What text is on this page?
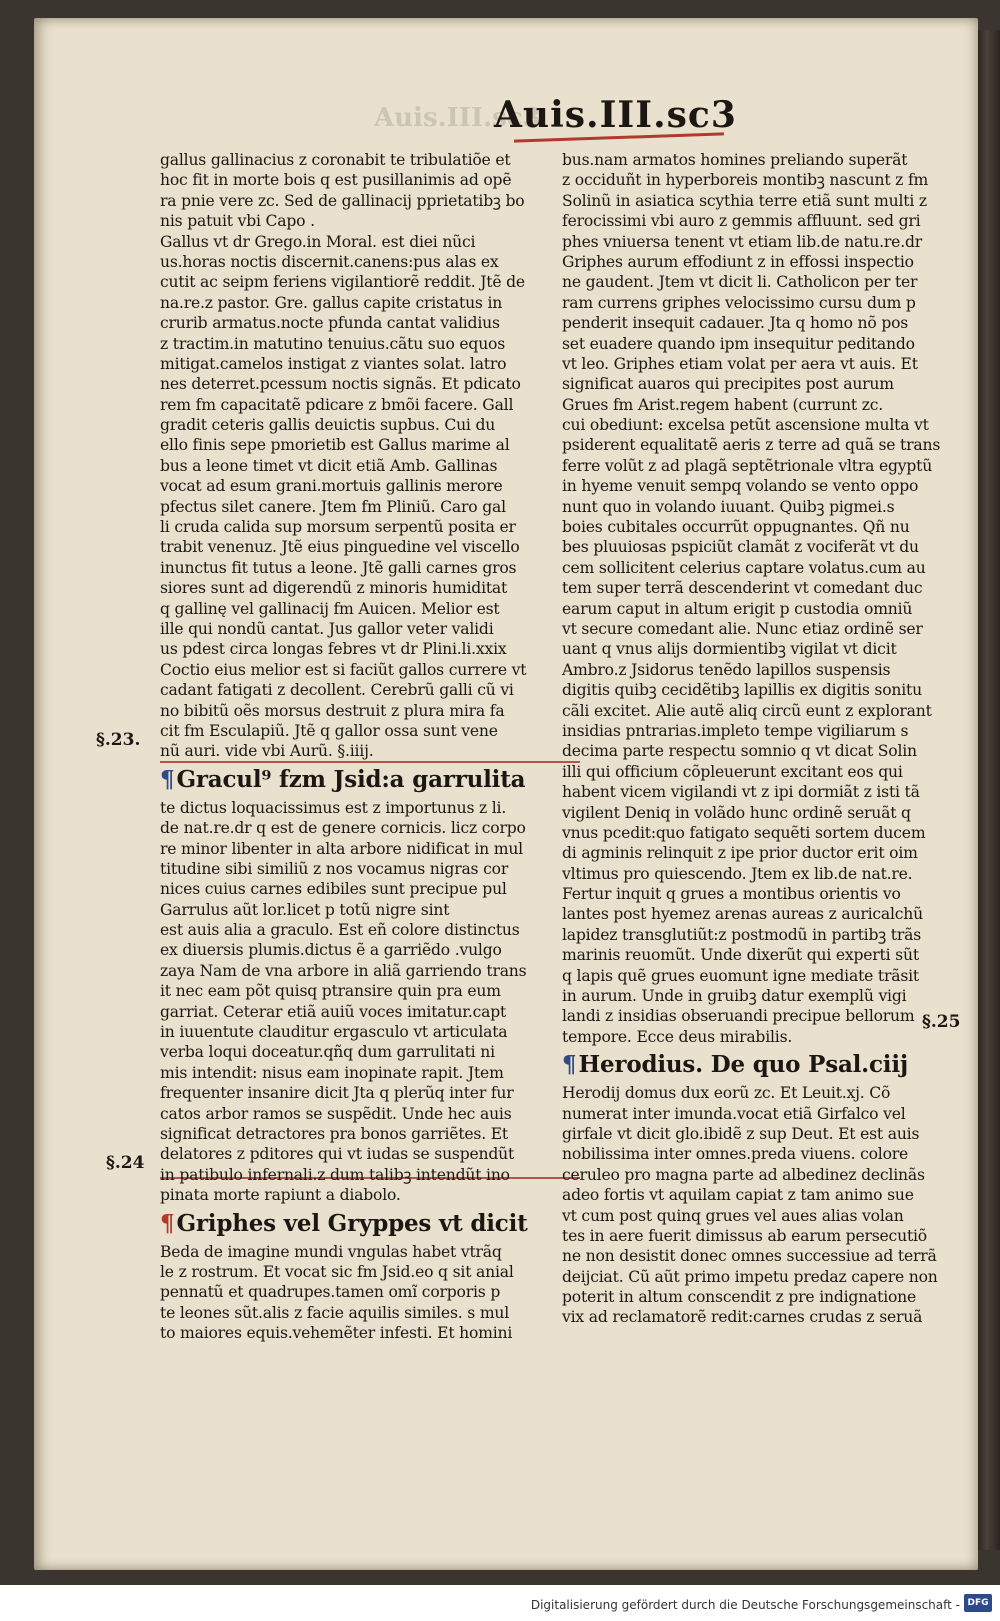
Auis.III.sc3
Auis.III.sc3
§.23.
§.24
§.25
gallus gallinacius z coronabit te tribulatiõe et
hoc fit in morte bois q est pusillanimis ad opẽ
ra pnie vere zc. Sed de gallinacij pprietatibꝫ bo
nis patuit vbi Capo .
Gallus vt dr Grego.in Moral. est diei nũci
us.horas noctis discernit.canens:pus alas ex
cutit ac seipm feriens vigilantiorẽ reddit. Jtẽ de
na.re.z pastor. Gre. gallus capite cristatus in
crurib armatus.nocte pfunda cantat validius
z tractim.in matutino tenuius.cãtu suo equos
mitigat.camelos instigat z viantes solat. latro
nes deterret.pcessum noctis signãs. Et pdicato
rem fm capacitatẽ pdicare z bmõi facere. Gall
gradit ceteris gallis deuictis supbus. Cui du
ello finis sepe pmorietib est Gallus marime al
bus a leone timet vt dicit etiã Amb. Gallinas
vocat ad esum grani.mortuis gallinis merore
pfectus silet canere. Jtem fm Pliniũ. Caro gal
li cruda calida sup morsum serpentũ posita er
trabit venenuz. Jtẽ eius pinguedine vel viscello
inunctus fit tutus a leone. Jtẽ galli carnes gros
siores sunt ad digerendũ z minoris humiditat
q gallinę vel gallinacij fm Auicen. Melior est
ille qui nondũ cantat. Jus gallor veter validi
us pdest circa longas febres vt dr Plini.li.xxix
Coctio eius melior est si faciũt gallos currere vt
cadant fatigati z decollent. Cerebrũ galli cũ vi
no bibitũ oẽs morsus destruit z plura mira fa
cit fm Esculapiũ. Jtẽ q gallor ossa sunt vene
nũ auri. vide vbi Aurũ. §.iiij.
¶Gracul⁹ fzm Jsid:a garrulita
te dictus loquacissimus est z importunus z li.
de nat.re.dr q est de genere cornicis. licz corpo
re minor libenter in alta arbore nidificat in mul
titudine sibi similiũ z nos vocamus nigras cor
nices cuius carnes edibiles sunt precipue pul
Garrulus aũt lor.licet p totũ nigre sint
est auis alia a graculo. Est eñ colore distinctus
ex diuersis plumis.dictus ẽ a garriẽdo .vulgo
zaya Nam de vna arbore in aliã garriendo trans
it nec eam põt quisq ptransire quin pra eum
garriat. Ceterar etiã auiũ voces imitatur.capt
in iuuentute clauditur ergasculo vt articulata
verba loqui doceatur.qñq dum garrulitati ni
mis intendit: nisus eam inopinate rapit. Jtem
frequenter insanire dicit Jta q plerũq inter fur
catos arbor ramos se suspẽdit. Unde hec auis
significat detractores pra bonos garriẽtes. Et
delatores z pditores qui vt iudas se suspendũt
in patibulo infernali.z dum talibꝫ intendũt ino
pinata morte rapiunt a diabolo.
¶Griphes vel Gryppes vt dicit
Beda de imagine mundi vngulas habet vtrãq
le z rostrum. Et vocat sic fm Jsid.eo q sit anial
pennatũ et quadrupes.tamen omĩ corporis p
te leones sũt.alis z facie aquilis similes. s mul
to maiores equis.vehemẽter infesti. Et homini
bus.nam armatos homines preliando superãt
z occiduñt in hyperboreis montibꝫ nascunt z fm
Solinũ in asiatica scythia terre etiã sunt multi z
ferocissimi vbi auro z gemmis affluunt. sed gri
phes vniuersa tenent vt etiam lib.de natu.re.dr
Griphes aurum effodiunt z in effossi inspectio
ne gaudent. Jtem vt dicit li. Catholicon per ter
ram currens griphes velocissimo cursu dum p
penderit insequit cadauer. Jta q homo nõ pos
set euadere quando ipm insequitur peditando
vt leo. Griphes etiam volat per aera vt auis. Et
significat auaros qui precipites post aurum
Grues fm Arist.regem habent (currunt zc.
cui obediunt: excelsa petũt ascensione multa vt
psiderent equalitatẽ aeris z terre ad quã se trans
ferre volũt z ad plagã septẽtrionale vltra egyptũ
in hyeme venuit sempq volando se vento oppo
nunt quo in volando iuuant. Quibꝫ pigmei.s
boies cubitales occurrũt oppugnantes. Qñ nu
bes pluuiosas pspiciũt clamãt z vociferãt vt du
cem sollicitent celerius captare volatus.cum au
tem super terrã descenderint vt comedant duc
earum caput in altum erigit p custodia omniũ
vt secure comedant alie. Nunc etiaz ordinẽ ser
uant q vnus alijs dormientibꝫ vigilat vt dicit
Ambro.z Jsidorus tenẽdo lapillos suspensis
digitis quibꝫ cecidẽtibꝫ lapillis ex digitis sonitu
cãli excitet. Alie autẽ aliq circũ eunt z explorant
insidias pntrarias.impleto tempe vigiliarum s
decima parte respectu somnio q vt dicat Solin
illi qui officium cõpleuerunt excitant eos qui
habent vicem vigilandi vt z ipi dormiãt z isti tã
vigilent Deniq in volãdo hunc ordinẽ seruãt q
vnus pcedit:quo fatigato sequẽti sortem ducem
di agminis relinquit z ipe prior ductor erit oim
vltimus pro quiescendo. Jtem ex lib.de nat.re.
Fertur inquit q grues a montibus orientis vo
lantes post hyemez arenas aureas z auricalchũ
lapidez transglutiũt:z postmodũ in partibꝫ trãs
marinis reuomũt. Unde dixerũt qui experti sũt
q lapis quẽ grues euomunt igne mediate trãsit
in aurum. Unde in gruibꝫ datur exemplũ vigi
landi z insidias obseruandi precipue bellorum
tempore. Ecce deus mirabilis.
¶Herodius. De quo Psal.ciij
Herodij domus dux eorũ zc. Et Leuit.xj. Cõ
numerat inter imunda.vocat etiã Girfalco vel
girfale vt dicit glo.ibidẽ z sup Deut. Et est auis
nobilissima inter omnes.preda viuens. colore
ceruleo pro magna parte ad albedinez declinãs
adeo fortis vt aquilam capiat z tam animo sue
vt cum post quinq grues vel aues alias volan
tes in aere fuerit dimissus ab earum persecutiõ
ne non desistit donec omnes successiue ad terrã
deijciat. Cũ aũt primo impetu predaz capere non
poterit in altum conscendit z pre indignatione
vix ad reclamatorẽ redit:carnes crudas z seruã
Digitalisierung gefördert durch die Deutsche Forschungsgemeinschaft - DFG
